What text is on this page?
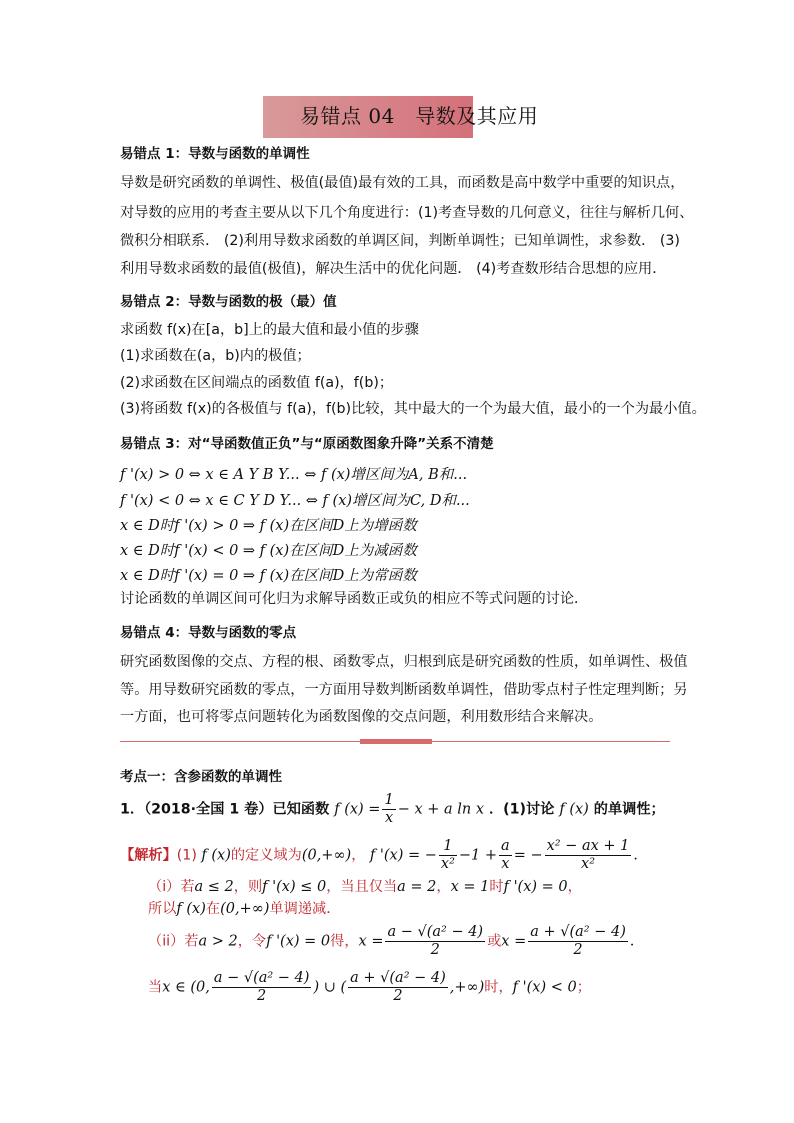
易错点 04　导数及其应用
易错点 1：导数与函数的单调性
导数是研究函数的单调性、极值(最值)最有效的工具，而函数是高中数学中重要的知识点，
对导数的应用的考查主要从以下几个角度进行：(1)考查导数的几何意义，往往与解析几何、
微积分相联系． (2)利用导数求函数的单调区间，判断单调性；已知单调性，求参数． (3)
利用导数求函数的最值(极值)，解决生活中的优化问题． (4)考查数形结合思想的应用．
易错点 2：导数与函数的极（最）值
求函数 f(x)在[a，b]上的最大值和最小值的步骤
(1)求函数在(a，b)内的极值；
(2)求函数在区间端点的函数值 f(a)，f(b)；
(3)将函数 f(x)的各极值与 f(a)，f(b)比较，其中最大的一个为最大值，最小的一个为最小值。
易错点 3：对“导函数值正负”与“原函数图象升降”关系不清楚
f '(x) > 0 ⇔ x ∈ A Y B Y... ⇔ f (x)增区间为A, B和...
f '(x) < 0 ⇔ x ∈ C Y D Y... ⇔ f (x)增区间为C, D和...
x ∈ D时f '(x) > 0 ⇒ f (x)在区间D上为增函数
x ∈ D时f '(x) < 0 ⇒ f (x)在区间D上为减函数
x ∈ D时f '(x) = 0 ⇒ f (x)在区间D上为常函数
讨论函数的单调区间可化归为求解导函数正或负的相应不等式问题的讨论．
易错点 4：导数与函数的零点
研究函数图像的交点、方程的根、函数零点，归根到底是研究函数的性质，如单调性、极值
等。用导数研究函数的零点，一方面用导数判断函数单调性，借助零点村子性定理判断；另
一方面，也可将零点问题转化为函数图像的交点问题，利用数形结合来解决。
考点一：含参函数的单调性
1．（2018·全国 1 卷）已知函数 f $(x) = \frac{1}{x} - x + a$ ln x ．(1)讨论 f (x) 的单调性；
【解析】(1) f (x)的定义域为(0,+∞)， f '(x) = − $\frac{1}{\text{x²}} -1 + \frac{a}{x}$ = − $\frac{\text{x² − ax + 1}}{\text{x²}}$ ．
（i）若a ≤ 2，则f '(x) ≤ 0，当且仅当a = 2，x = 1时f '(x) = 0，
所以f (x)在(0,+∞)单调递减．
（ii）若a > 2，令f '(x) = 0得，$x = \frac{\text{a − √(a² − 4)}}{2}$ 或$x = \frac{\text{a + √(a² − 4)}}{2}$ ．
当x ∈ (0, $\frac{\text{a − √(a² − 4)}}{2}$ ) ∪ ( $\frac{\text{a + √(a² − 4)}}{2}$ ,+∞)时，f '(x) < 0；
